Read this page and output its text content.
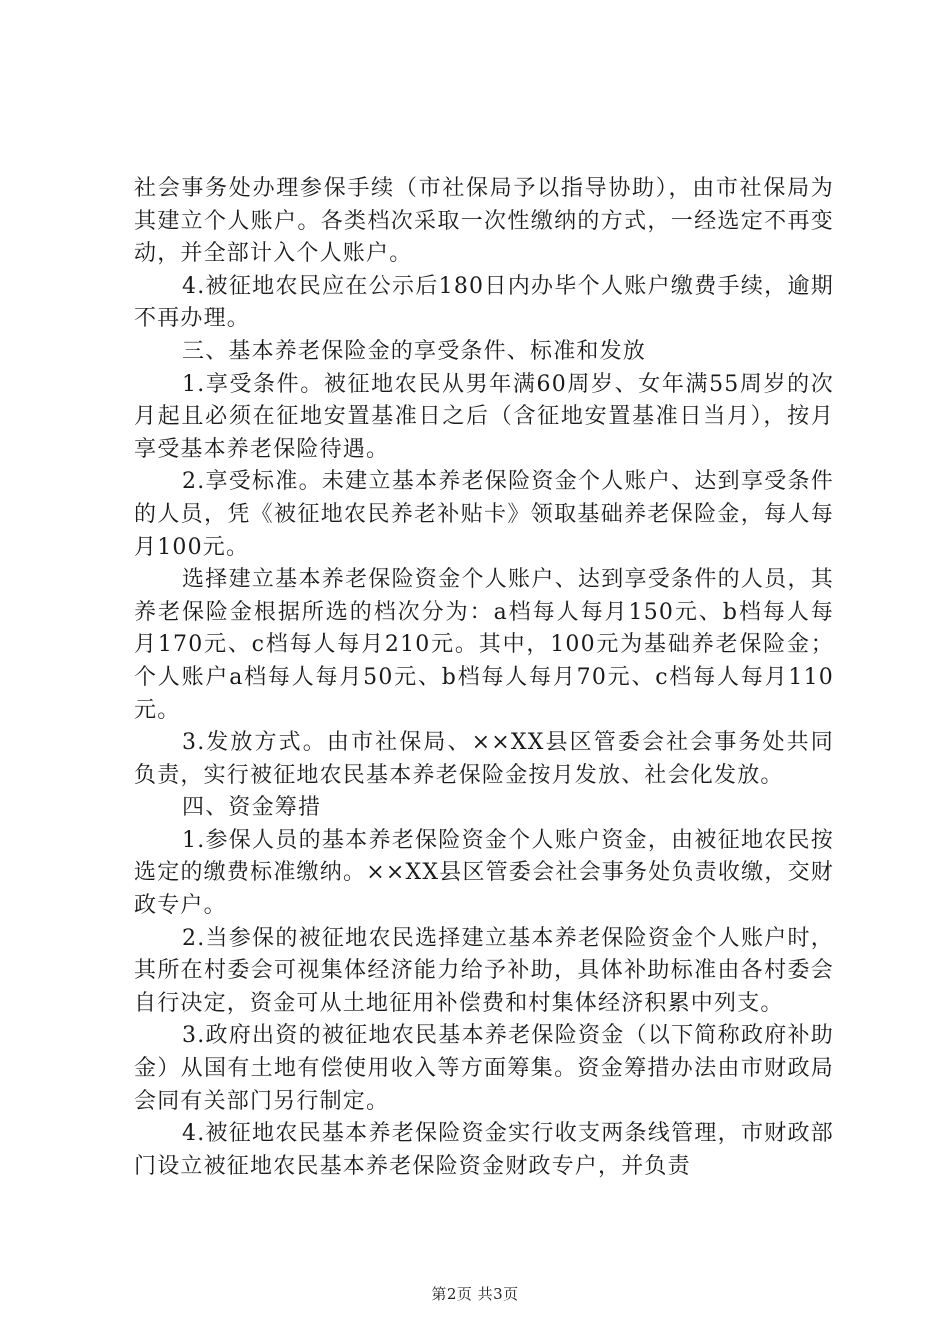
社会事务处办理参保手续（市社保局予以指导协助），由市社保局为其建立个人账户。各类档次采取一次性缴纳的方式，一经选定不再变动，并全部计入个人账户。

4.被征地农民应在公示后180日内办毕个人账户缴费手续，逾期不再办理。

三、基本养老保险金的享受条件、标准和发放

1.享受条件。被征地农民从男年满60周岁、女年满55周岁的次月起且必须在征地安置基准日之后（含征地安置基准日当月），按月享受基本养老保险待遇。

2.享受标准。未建立基本养老保险资金个人账户、达到享受条件的人员，凭《被征地农民养老补贴卡》领取基础养老保险金，每人每月100元。

选择建立基本养老保险资金个人账户、达到享受条件的人员，其养老保险金根据所选的档次分为：a档每人每月150元、b档每人每月170元、c档每人每月210元。其中，100元为基础养老保险金；个人账户a档每人每月50元、b档每人每月70元、c档每人每月110元。

3.发放方式。由市社保局、××XX县区管委会社会事务处共同负责，实行被征地农民基本养老保险金按月发放、社会化发放。

四、资金筹措

1.参保人员的基本养老保险资金个人账户资金，由被征地农民按选定的缴费标准缴纳。××XX县区管委会社会事务处负责收缴，交财政专户。

2.当参保的被征地农民选择建立基本养老保险资金个人账户时，其所在村委会可视集体经济能力给予补助，具体补助标准由各村委会自行决定，资金可从土地征用补偿费和村集体经济积累中列支。

3.政府出资的被征地农民基本养老保险资金（以下简称政府补助金）从国有土地有偿使用收入等方面筹集。资金筹措办法由市财政局会同有关部门另行制定。

4.被征地农民基本养老保险资金实行收支两条线管理，市财政部门设立被征地农民基本养老保险资金财政专户，并负责

第2页 共3页
